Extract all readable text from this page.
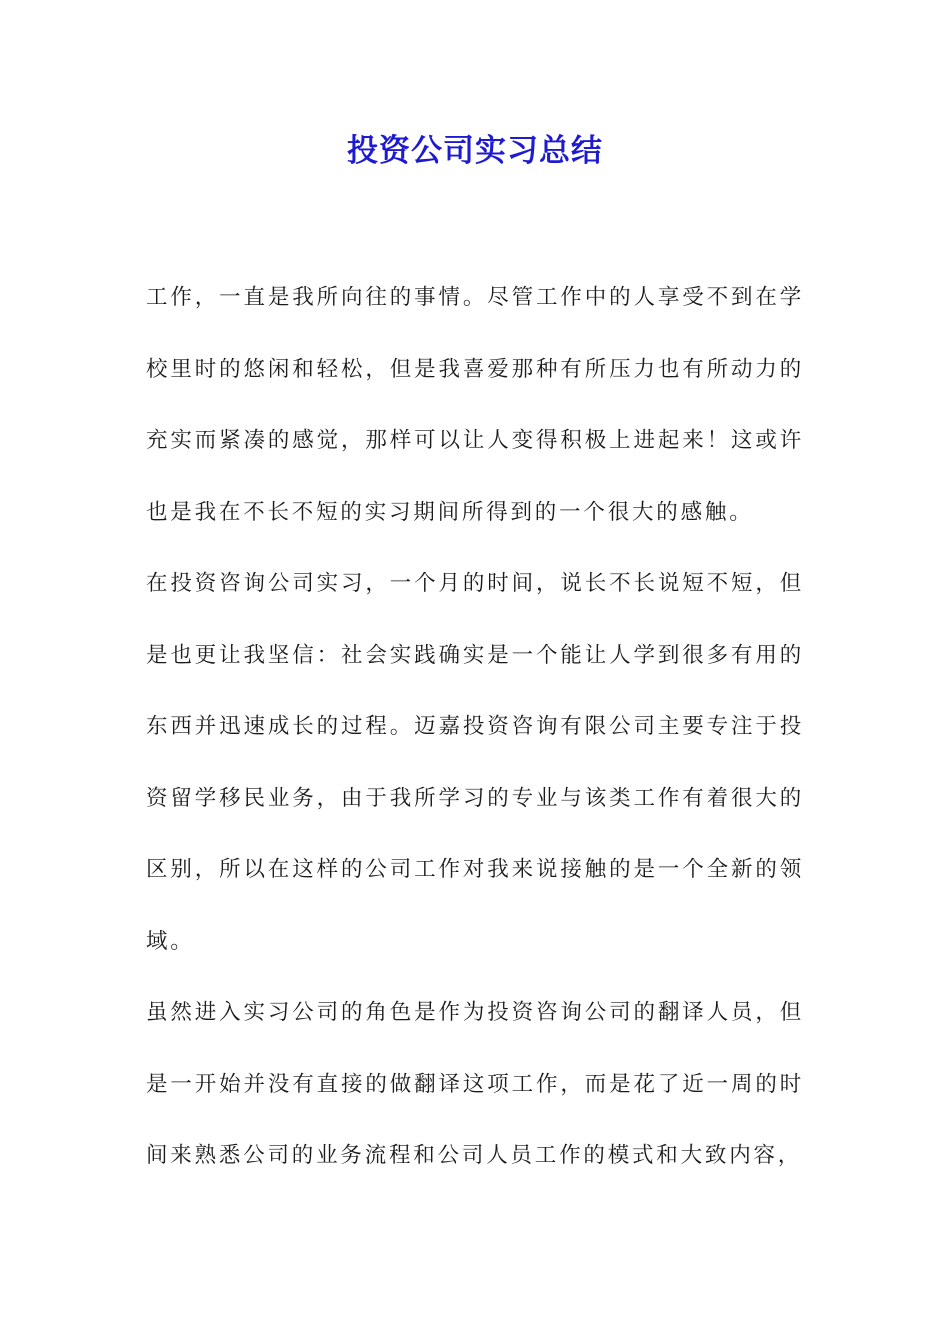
投资公司实习总结

工作，一直是我所向往的事情。尽管工作中的人享受不到在学校里时的悠闲和轻松，但是我喜爱那种有所压力也有所动力的充实而紧凑的感觉，那样可以让人变得积极上进起来！这或许也是我在不长不短的实习期间所得到的一个很大的感触。

在投资咨询公司实习，一个月的时间，说长不长说短不短，但是也更让我坚信：社会实践确实是一个能让人学到很多有用的东西并迅速成长的过程。迈嘉投资咨询有限公司主要专注于投资留学移民业务，由于我所学习的专业与该类工作有着很大的区别，所以在这样的公司工作对我来说接触的是一个全新的领域。

虽然进入实习公司的角色是作为投资咨询公司的翻译人员，但是一开始并没有直接的做翻译这项工作，而是花了近一周的时间来熟悉公司的业务流程和公司人员工作的模式和大致内容，
